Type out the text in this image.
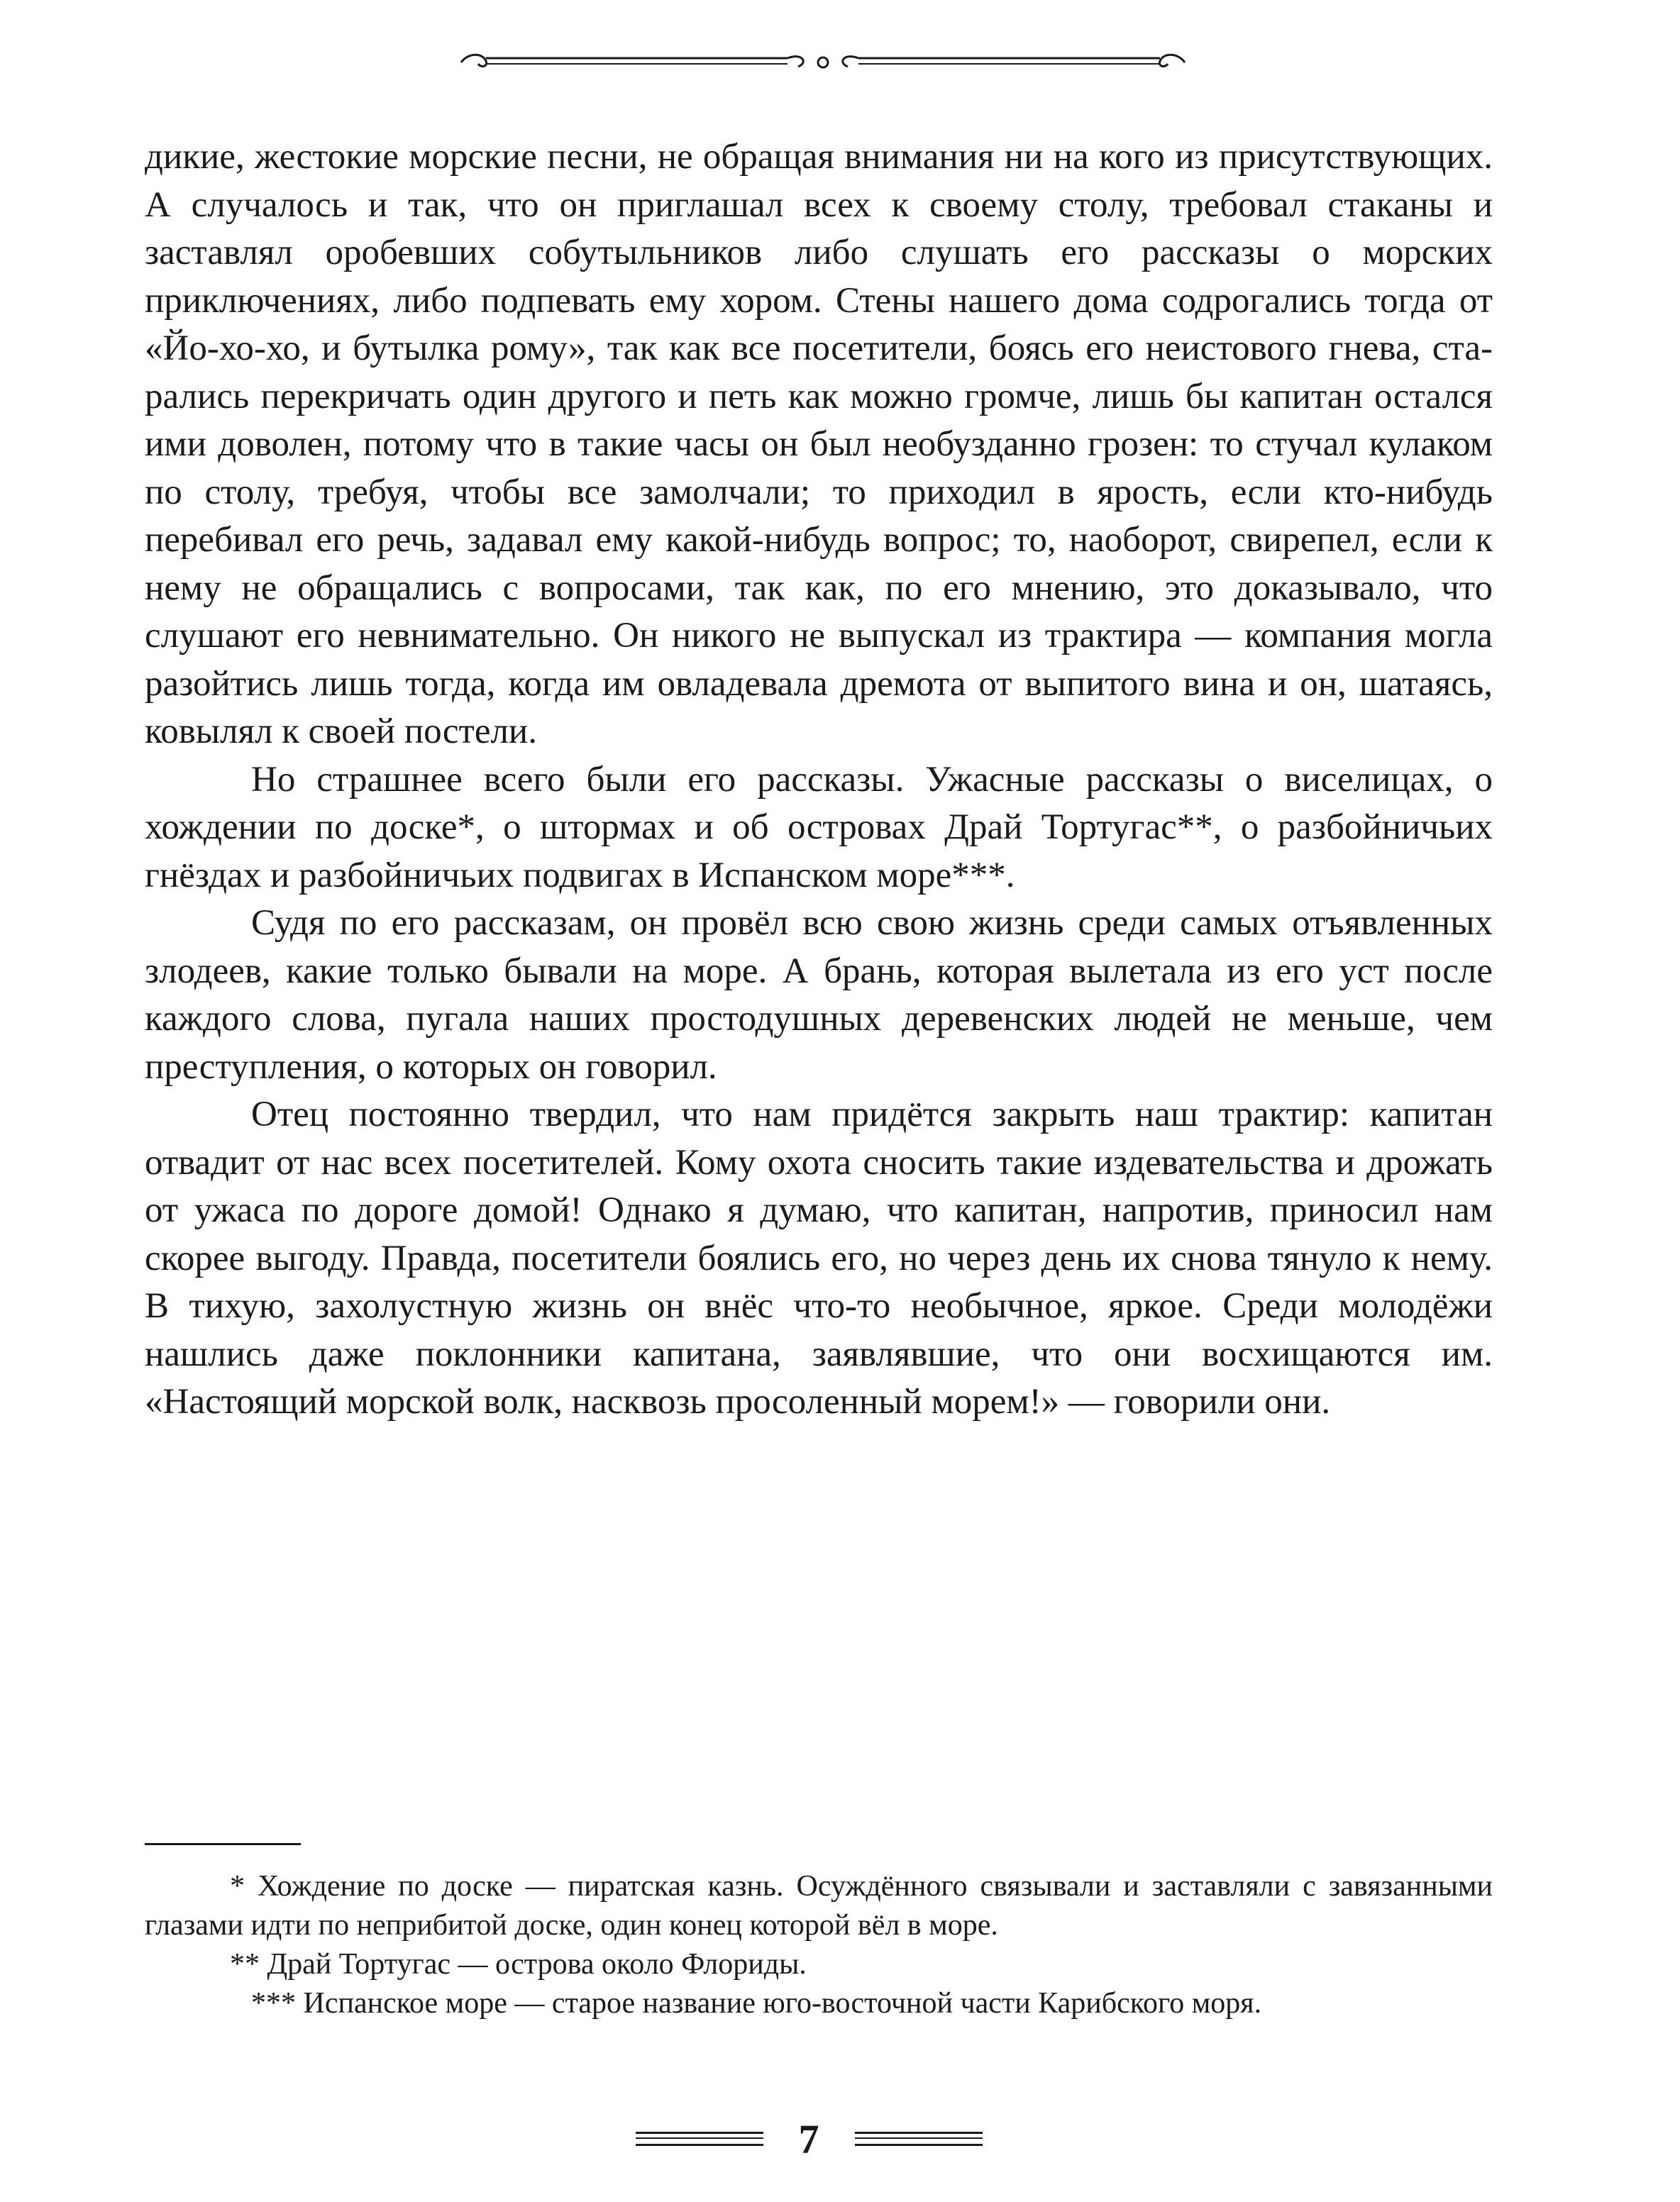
дикие, жестокие морские песни, не обращая внимания ни на кого из присутствующих. А случалось и так, что он приглашал всех к своему столу, требовал стаканы и заставлял оробевших собутыльников либо слушать его рассказы о морских приключениях, либо подпевать ему хором. Стены нашего дома содрогались тогда от «Йо-хо-хо, и бутылка рому», так как все посетители, боясь его неистового гнева, старались перекричать один другого и петь как можно громче, лишь бы капитан остался ими доволен, потому что в такие часы он был необузданно грозен: то стучал кулаком по столу, требуя, чтобы все замолчали; то приходил в ярость, если кто-нибудь перебивал его речь, задавал ему какой-нибудь вопрос; то, наоборот, свирепел, если к нему не обращались с вопросами, так как, по его мнению, это доказывало, что слушают его невнимательно. Он никого не выпускал из трактира — компания могла разойтись лишь тогда, когда им овладевала дремота от выпитого вина и он, шатаясь, ковылял к своей постели.

Но страшнее всего были его рассказы. Ужасные рассказы о виселицах, о хождении по доске*, о штормах и об островах Драй Тортугас**, о разбойничьих гнёздах и разбойничьих подвигах в Испанском море***.

Судя по его рассказам, он провёл всю свою жизнь среди самых отъявленных злодеев, какие только бывали на море. А брань, которая вылетала из его уст после каждого слова, пугала наших простодушных деревенских людей не меньше, чем преступления, о которых он говорил.

Отец постоянно твердил, что нам придётся закрыть наш трактир: капитан отвадит от нас всех посетителей. Кому охота сносить такие издевательства и дрожать от ужаса по дороге домой! Однако я думаю, что капитан, напротив, приносил нам скорее выгоду. Правда, посетители боялись его, но через день их снова тянуло к нему. В тихую, захолустную жизнь он внёс что-то необычное, яркое. Среди молодёжи нашлись даже поклонники капитана, заявлявшие, что они восхищаются им. «Настоящий морской волк, насквозь просоленный морем!» — говорили они.

* Хождение по доске — пиратская казнь. Осуждённого связывали и заставляли с завязанными глазами идти по неприбитой доске, один конец которой вёл в море.

** Драй Тортугас — острова около Флориды.

*** Испанское море — старое название юго-восточной части Карибского моря.

7
